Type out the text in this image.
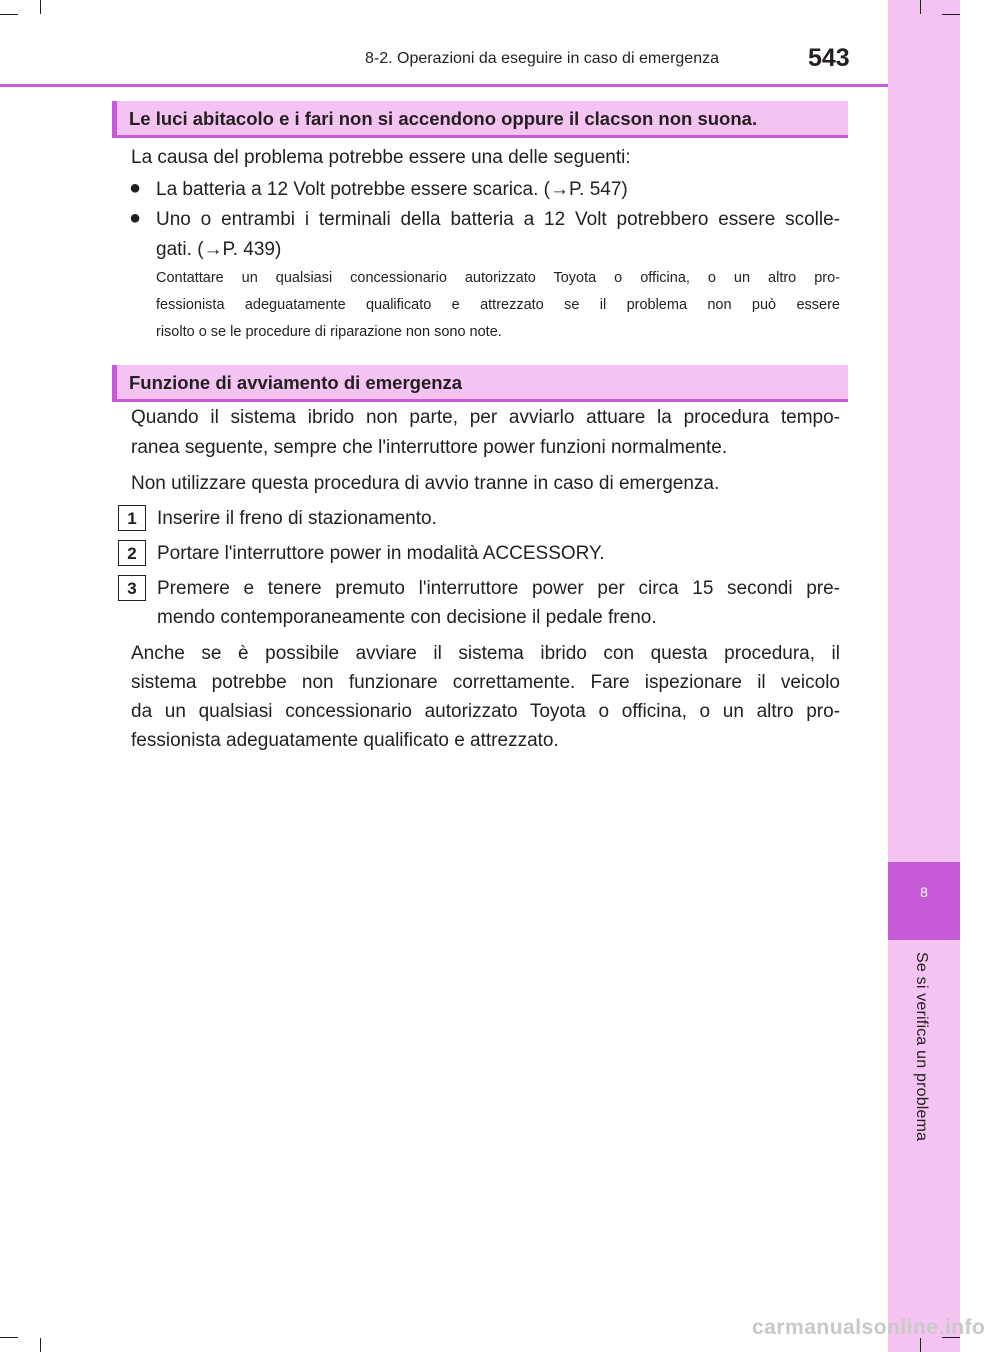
8
Se si verifica un problema
8-2. Operazioni da eseguire in caso di emergenza	543
Le luci abitacolo e i fari non si accendono oppure il clacson non suona.
La causa del problema potrebbe essere una delle seguenti:
● La batteria a 12 Volt potrebbe essere scarica. (→P. 547)
● Uno o entrambi i terminali della batteria a 12 Volt potrebbero essere scolle-
gati. (→P. 439)
Contattare un qualsiasi concessionario autorizzato Toyota o officina, o un altro pro-
fessionista adeguatamente qualificato e attrezzato se il problema non può essere
risolto o se le procedure di riparazione non sono note.
Funzione di avviamento di emergenza
Quando il sistema ibrido non parte, per avviarlo attuare la procedura tempo-
ranea seguente, sempre che l'interruttore power funzioni normalmente.
Non utilizzare questa procedura di avvio tranne in caso di emergenza.
1	Inserire il freno di stazionamento.
2	Portare l'interruttore power in modalità ACCESSORY.
3	Premere e tenere premuto l'interruttore power per circa 15 secondi pre-
mendo contemporaneamente con decisione il pedale freno.
Anche se è possibile avviare il sistema ibrido con questa procedura, il
sistema potrebbe non funzionare correttamente. Fare ispezionare il veicolo
da un qualsiasi concessionario autorizzato Toyota o officina, o un altro pro-
fessionista adeguatamente qualificato e attrezzato.
carmanualsonline.info
